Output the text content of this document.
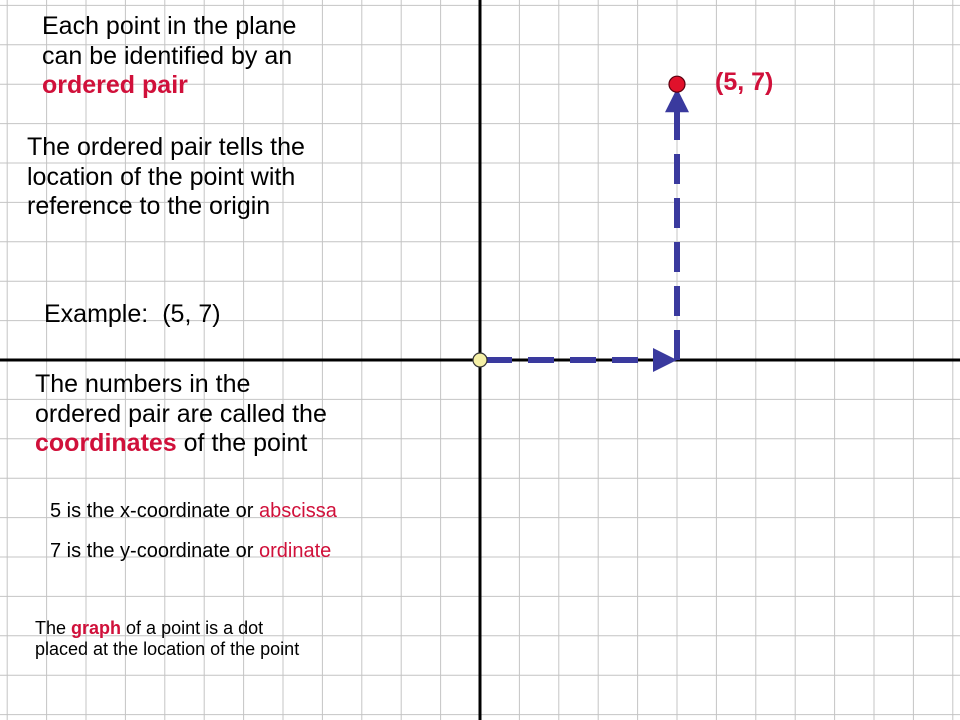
Each point in the plane
can be identified by an
ordered pair	(5, 7)
The ordered pair tells the
location of the point with
reference to the origin
Example: (5, 7)
The numbers in the
ordered pair are called the
coordinates of the point
5 is the x-coordinate or abscissa
7 is the y-coordinate or ordinate
The graph of a point is a dot
placed at the location of the point
